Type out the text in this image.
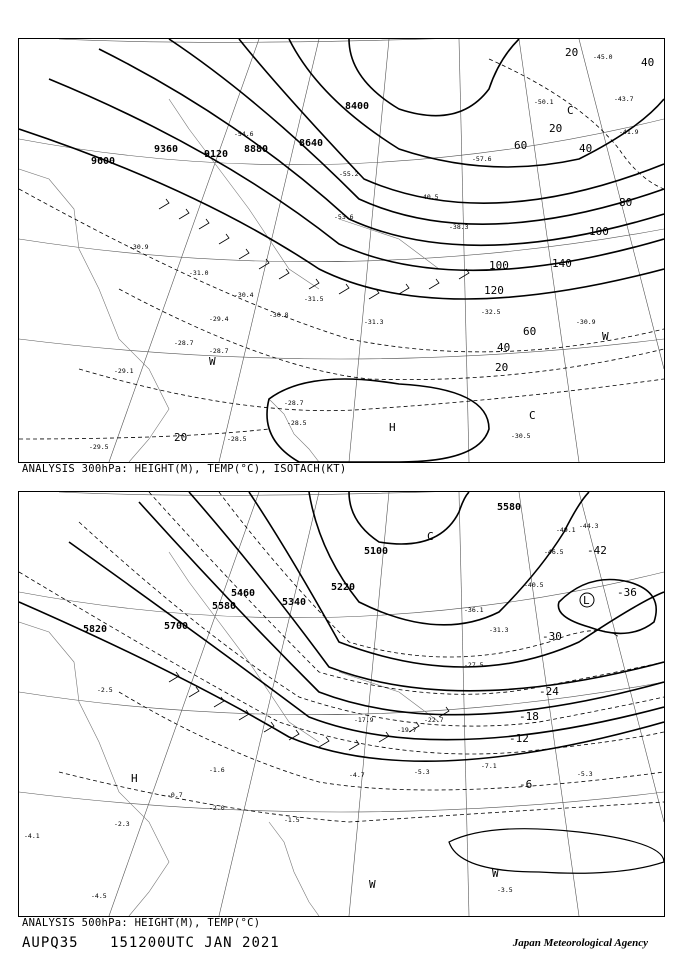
9600
9360	9120 8880
8640
8400
100
120
140
100
80
60	40
20
60
40
20
40
20
20
H
C
C
W
W
-30.9
-31.0
-30.4
-30.8
-31.5
-31.3
-32.5
-29.4
-28.7
-28.7
-29.1
-28.7
-28.5
-28.5
-29.5
-30.5
-30.9
-57.6
-55.2
-54.6
-50.1
-45.0
-43.7
-41.9
-40.5
-38.3
-53.6
ANALYSIS 300hPa: HEIGHT(M), TEMP(°C), ISOTACH(KT)
5820	5700
5580
5460
5340
5220
5100
5580
-42
-36
-30
-24
-18
-12
-6
H
L
C
W
W
-2.5
-1.6
-0.7
-2.0
-2.3	-1.5
-4.1
-4.5
-3.5
-7.1
-5.3	-5.3
-4.7
-17.9
-19.7
-22.7
-27.5
-31.3
-36.1
-40.5
-46.5
-49.1 -44.3
ANALYSIS 500hPa: HEIGHT(M), TEMP(°C)
AUPQ35 151200UTC JAN 2021	Japan Meteorological Agency
